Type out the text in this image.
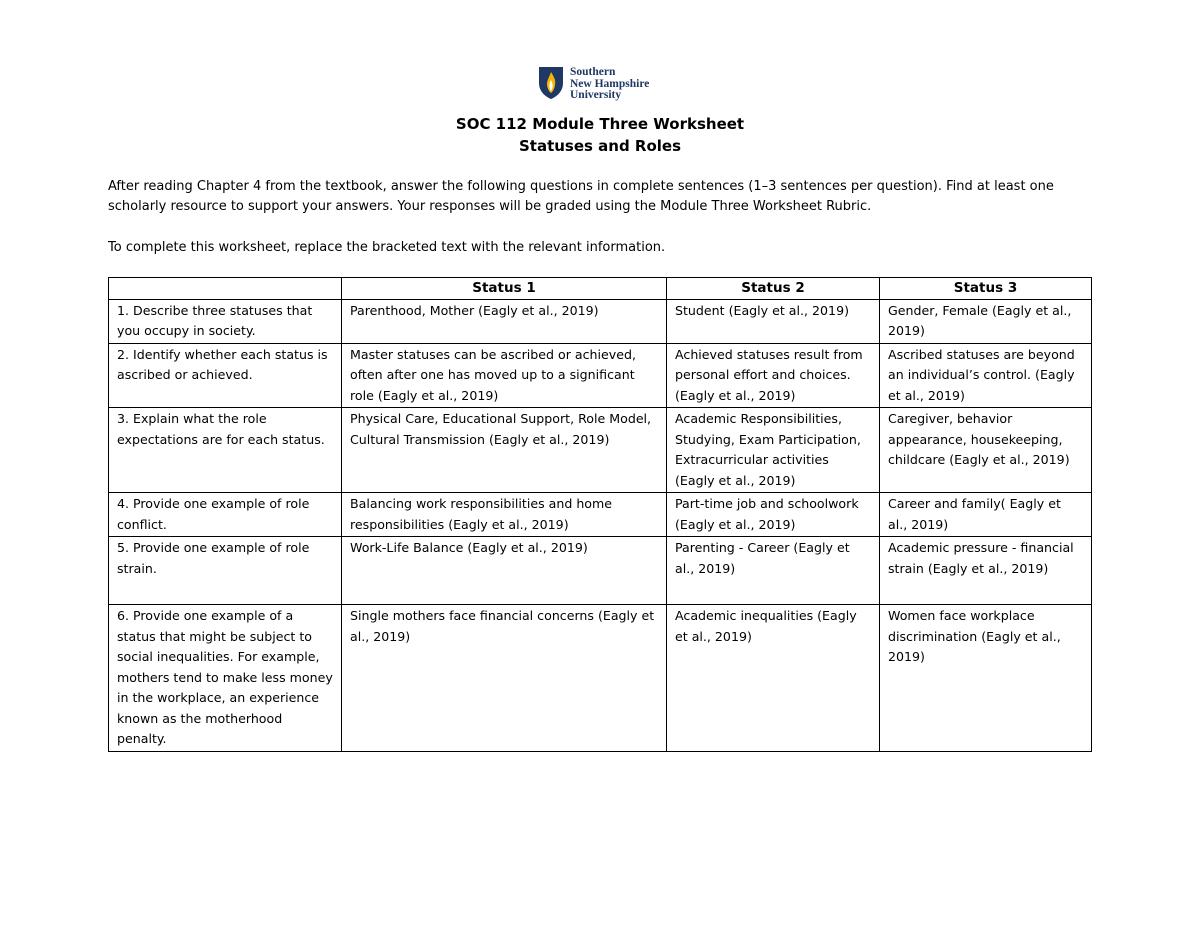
Southern
New Hampshire
University
SOC 112 Module Three Worksheet
Statuses and Roles
After reading Chapter 4 from the textbook, answer the following questions in complete sentences (1–3 sentences per question). Find at least one scholarly resource to support your answers. Your responses will be graded using the Module Three Worksheet Rubric.
To complete this worksheet, replace the bracketed text with the relevant information.
	Status 1	Status 2	Status 3
1. Describe three statuses that you occupy in society.	Parenthood, Mother (Eagly et al., 2019)	Student (Eagly et al., 2019)	Gender, Female (Eagly et al., 2019)
2. Identify whether each status is ascribed or achieved.	Master statuses can be ascribed or achieved, often after one has moved up to a significant role (Eagly et al., 2019)	Achieved statuses result from personal effort and choices. (Eagly et al., 2019)	Ascribed statuses are beyond an individual’s control. (Eagly et al., 2019)
3. Explain what the role expectations are for each status.	Physical Care, Educational Support, Role Model, Cultural Transmission (Eagly et al., 2019)	Academic Responsibilities, Studying, Exam Participation, Extracurricular activities (Eagly et al., 2019)	Caregiver, behavior appearance, housekeeping, childcare (Eagly et al., 2019)
4. Provide one example of role conflict.	Balancing work responsibilities and home responsibilities (Eagly et al., 2019)	Part-time job and schoolwork (Eagly et al., 2019)	Career and family( Eagly et al., 2019)
5. Provide one example of role strain.	Work-Life Balance (Eagly et al., 2019)	Parenting - Career (Eagly et al., 2019)	Academic pressure - financial strain (Eagly et al., 2019)
6. Provide one example of a status that might be subject to social inequalities. For example, mothers tend to make less money in the workplace, an experience known as the motherhood penalty.	Single mothers face financial concerns (Eagly et al., 2019)	Academic inequalities (Eagly et al., 2019)	Women face workplace discrimination (Eagly et al., 2019)
